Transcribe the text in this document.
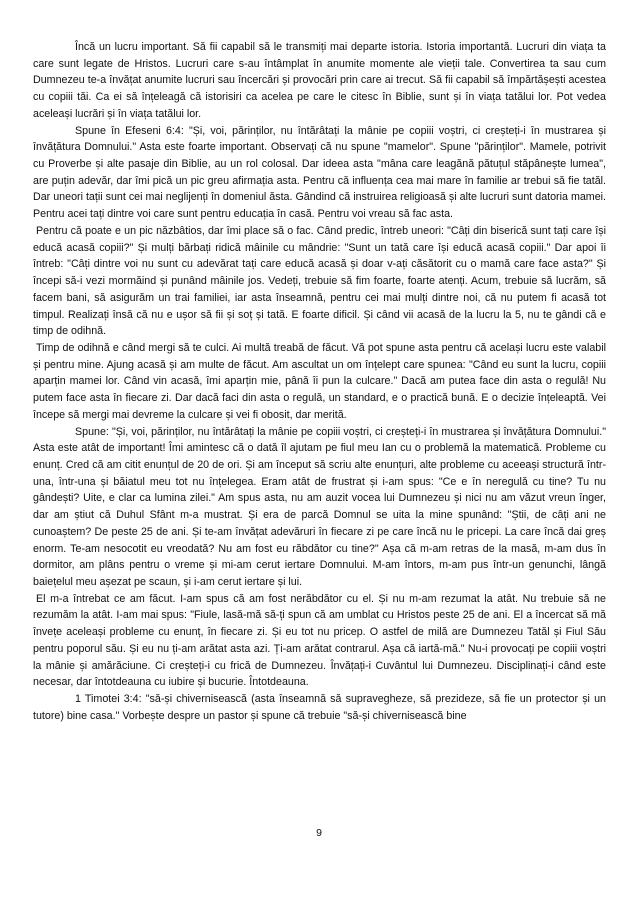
Încă un lucru important. Să fii capabil să le transmiți mai departe istoria. Istoria importantă. Lucruri din viața ta care sunt legate de Hristos. Lucruri care s-au întâmplat în anumite momente ale vieții tale. Convertirea ta sau cum Dumnezeu te-a învățat anumite lucruri sau încercări și provocări prin care ai trecut. Să fii capabil să împărtășești acestea cu copiii tăi. Ca ei să înțeleagă că istorisiri ca acelea pe care le citesc în Biblie, sunt și în viața tatălui lor. Pot vedea aceleași lucrări și în viața tatălui lor.

Spune în Efeseni 6:4: "Și, voi, părinților, nu întărâtați la mânie pe copiii voștri, ci creșteți-i în mustrarea și învățătura Domnului." Asta este foarte important. Observați că nu spune "mamelor". Spune "părinților". Mamele, potrivit cu Proverbe și alte pasaje din Biblie, au un rol colosal. Dar ideea asta "mâna care leagănă pătuțul stăpânește lumea", are puțin adevăr, dar îmi pică un pic greu afirmația asta. Pentru că influența cea mai mare în familie ar trebui să fie tatăl. Dar uneori tații sunt cei mai neglijenți în domeniul ăsta. Gândind că instruirea religioasă și alte lucruri sunt datoria mamei. Pentru acei tați dintre voi care sunt pentru educația în casă. Pentru voi vreau să fac asta.

Pentru că poate e un pic năzbâtios, dar îmi place să o fac. Când predic, întreb uneori: "Câți din biserică sunt tați care își educă acasă copiii?" Și mulți bărbați ridică mâinile cu mândrie: "Sunt un tată care își educă acasă copiii." Dar apoi îi întreb: "Câți dintre voi nu sunt cu adevărat tați care educă acasă și doar v-ați căsătorit cu o mamă care face asta?" Și începi să-i vezi mormăind și punând mâinile jos. Vedeți, trebuie să fim foarte, foarte atenți. Acum, trebuie să lucrăm, să facem bani, să asigurăm un trai familiei, iar asta înseamnă, pentru cei mai mulți dintre noi, că nu putem fi acasă tot timpul. Realizați însă că nu e ușor să fii și soț și tată. E foarte dificil. Și când vii acasă de la lucru la 5, nu te gândi că e timp de odihnă.

Timp de odihnă e când mergi să te culci. Ai multă treabă de făcut. Vă pot spune asta pentru că același lucru este valabil și pentru mine. Ajung acasă și am multe de făcut. Am ascultat un om înțelept care spunea: "Când eu sunt la lucru, copiii aparțin mamei lor. Când vin acasă, îmi aparțin mie, până îi pun la culcare." Dacă am putea face din asta o regulă! Nu putem face asta în fiecare zi. Dar dacă faci din asta o regulă, un standard, e o practică bună. E o decizie înțeleaptă. Vei începe să mergi mai devreme la culcare și vei fi obosit, dar merită.

Spune: "Și, voi, părinților, nu întărâtați la mânie pe copiii voștri, ci creșteți-i în mustrarea și învățătura Domnului." Asta este atât de important! Îmi amintesc că o dată îl ajutam pe fiul meu Ian cu o problemă la matematică. Probleme cu enunț. Cred că am citit enunțul de 20 de ori. Și am început să scriu alte enunțuri, alte probleme cu aceeași structură într-una, într-una și băiatul meu tot nu înțelegea. Eram atât de frustrat și i-am spus: "Ce e în neregulă cu tine? Tu nu gândești? Uite, e clar ca lumina zilei." Am spus asta, nu am auzit vocea lui Dumnezeu și nici nu am văzut vreun înger, dar am știut că Duhul Sfânt m-a mustrat. Și era de parcă Domnul se uita la mine spunând: "Știi, de câți ani ne cunoaștem? De peste 25 de ani. Și te-am învățat adevăruri în fiecare zi pe care încă nu le pricepi. La care încă dai greș enorm. Te-am nesocotit eu vreodată? Nu am fost eu răbdător cu tine?" Așa că m-am retras de la masă, m-am dus în dormitor, am plâns pentru o vreme și mi-am cerut iertare Domnului. M-am întors, m-am pus într-un genunchi, lângă baiețelul meu așezat pe scaun, și i-am cerut iertare și lui.

El m-a întrebat ce am făcut. I-am spus că am fost nerăbdător cu el. Și nu m-am rezumat la atât. Nu trebuie să ne rezumăm la atât. I-am mai spus: "Fiule, lasă-mă să-ți spun că am umblat cu Hristos peste 25 de ani. El a încercat să mă învețe aceleași probleme cu enunț, în fiecare zi. Și eu tot nu pricep. O astfel de milă are Dumnezeu Tatăl și Fiul Său pentru poporul său. Și eu nu ți-am arătat asta azi. Ți-am arătat contrarul. Așa că iartă-mă." Nu-i provocați pe copiii voștri la mânie și amărăciune. Ci creșteți-i cu frică de Dumnezeu. Învățați-i Cuvântul lui Dumnezeu. Disciplinați-i când este necesar, dar întotdeauna cu iubire și bucurie. Întotdeauna.

1 Timotei 3:4: "să-și chivernisească (asta înseamnă să supravegheze, să prezideze, să fie un protector și un tutore) bine casa." Vorbește despre un pastor și spune că trebuie "să-și chivernisească bine

9
